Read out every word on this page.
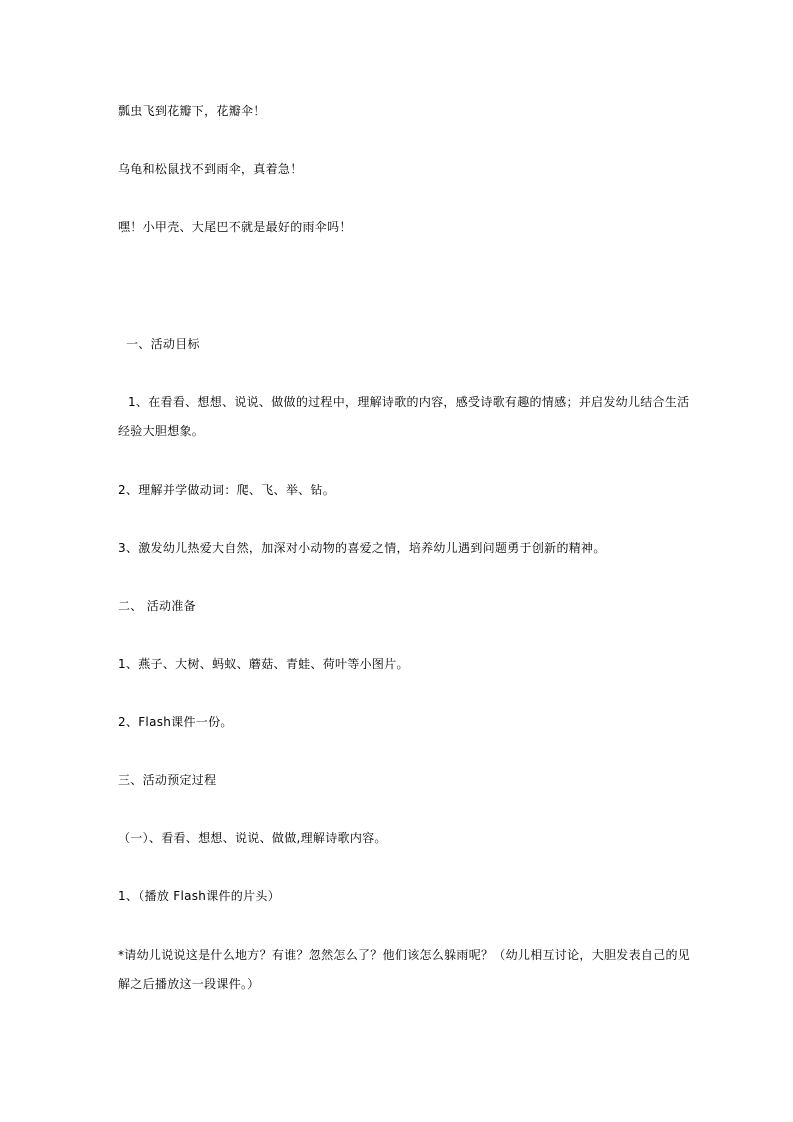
瓢虫飞到花瓣下，花瓣伞！
乌龟和松鼠找不到雨伞，真着急！
嘿！小甲壳、大尾巴不就是最好的雨伞吗！
一、活动目标
1、在看看、想想、说说、做做的过程中，理解诗歌的内容，感受诗歌有趣的情感；并启发幼儿结合生活
经验大胆想象。
2、理解并学做动词：爬、飞、举、钻。
3、激发幼儿热爱大自然，加深对小动物的喜爱之情，培养幼儿遇到问题勇于创新的精神。
二、 活动准备
1、燕子、大树、蚂蚁、蘑菇、青蛙、荷叶等小图片。
2、Flash课件一份。
三、活动预定过程
（一）、看看、想想、说说、做做,理解诗歌内容。
1、（播放 Flash课件的片头）
*请幼儿说说这是什么地方？有谁？忽然怎么了？他们该怎么躲雨呢？（幼儿相互讨论，大胆发表自己的见
解之后播放这一段课件。）
